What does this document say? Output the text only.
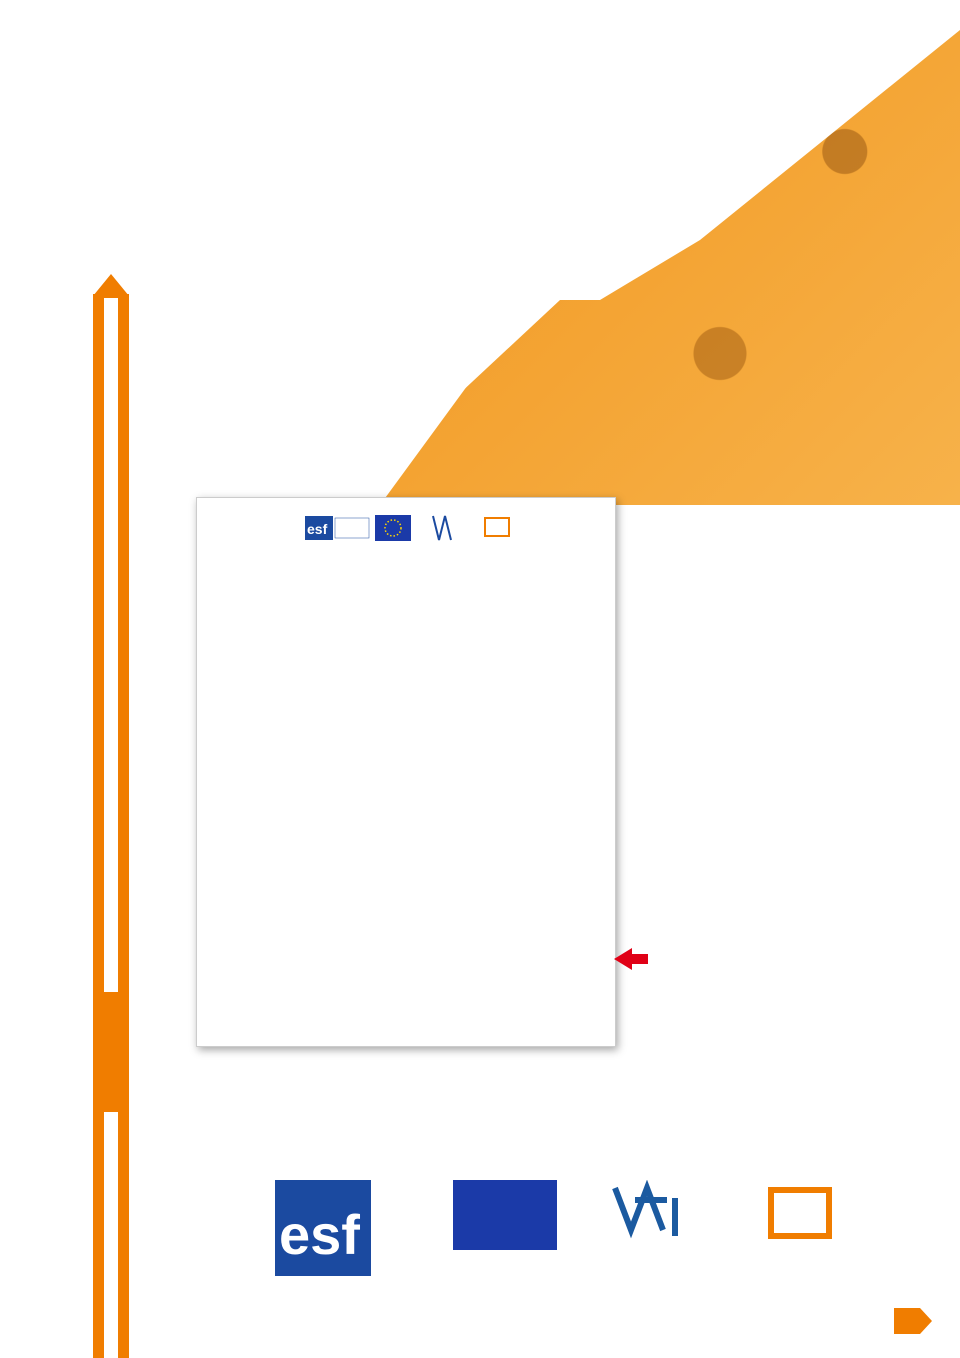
esf

esf
